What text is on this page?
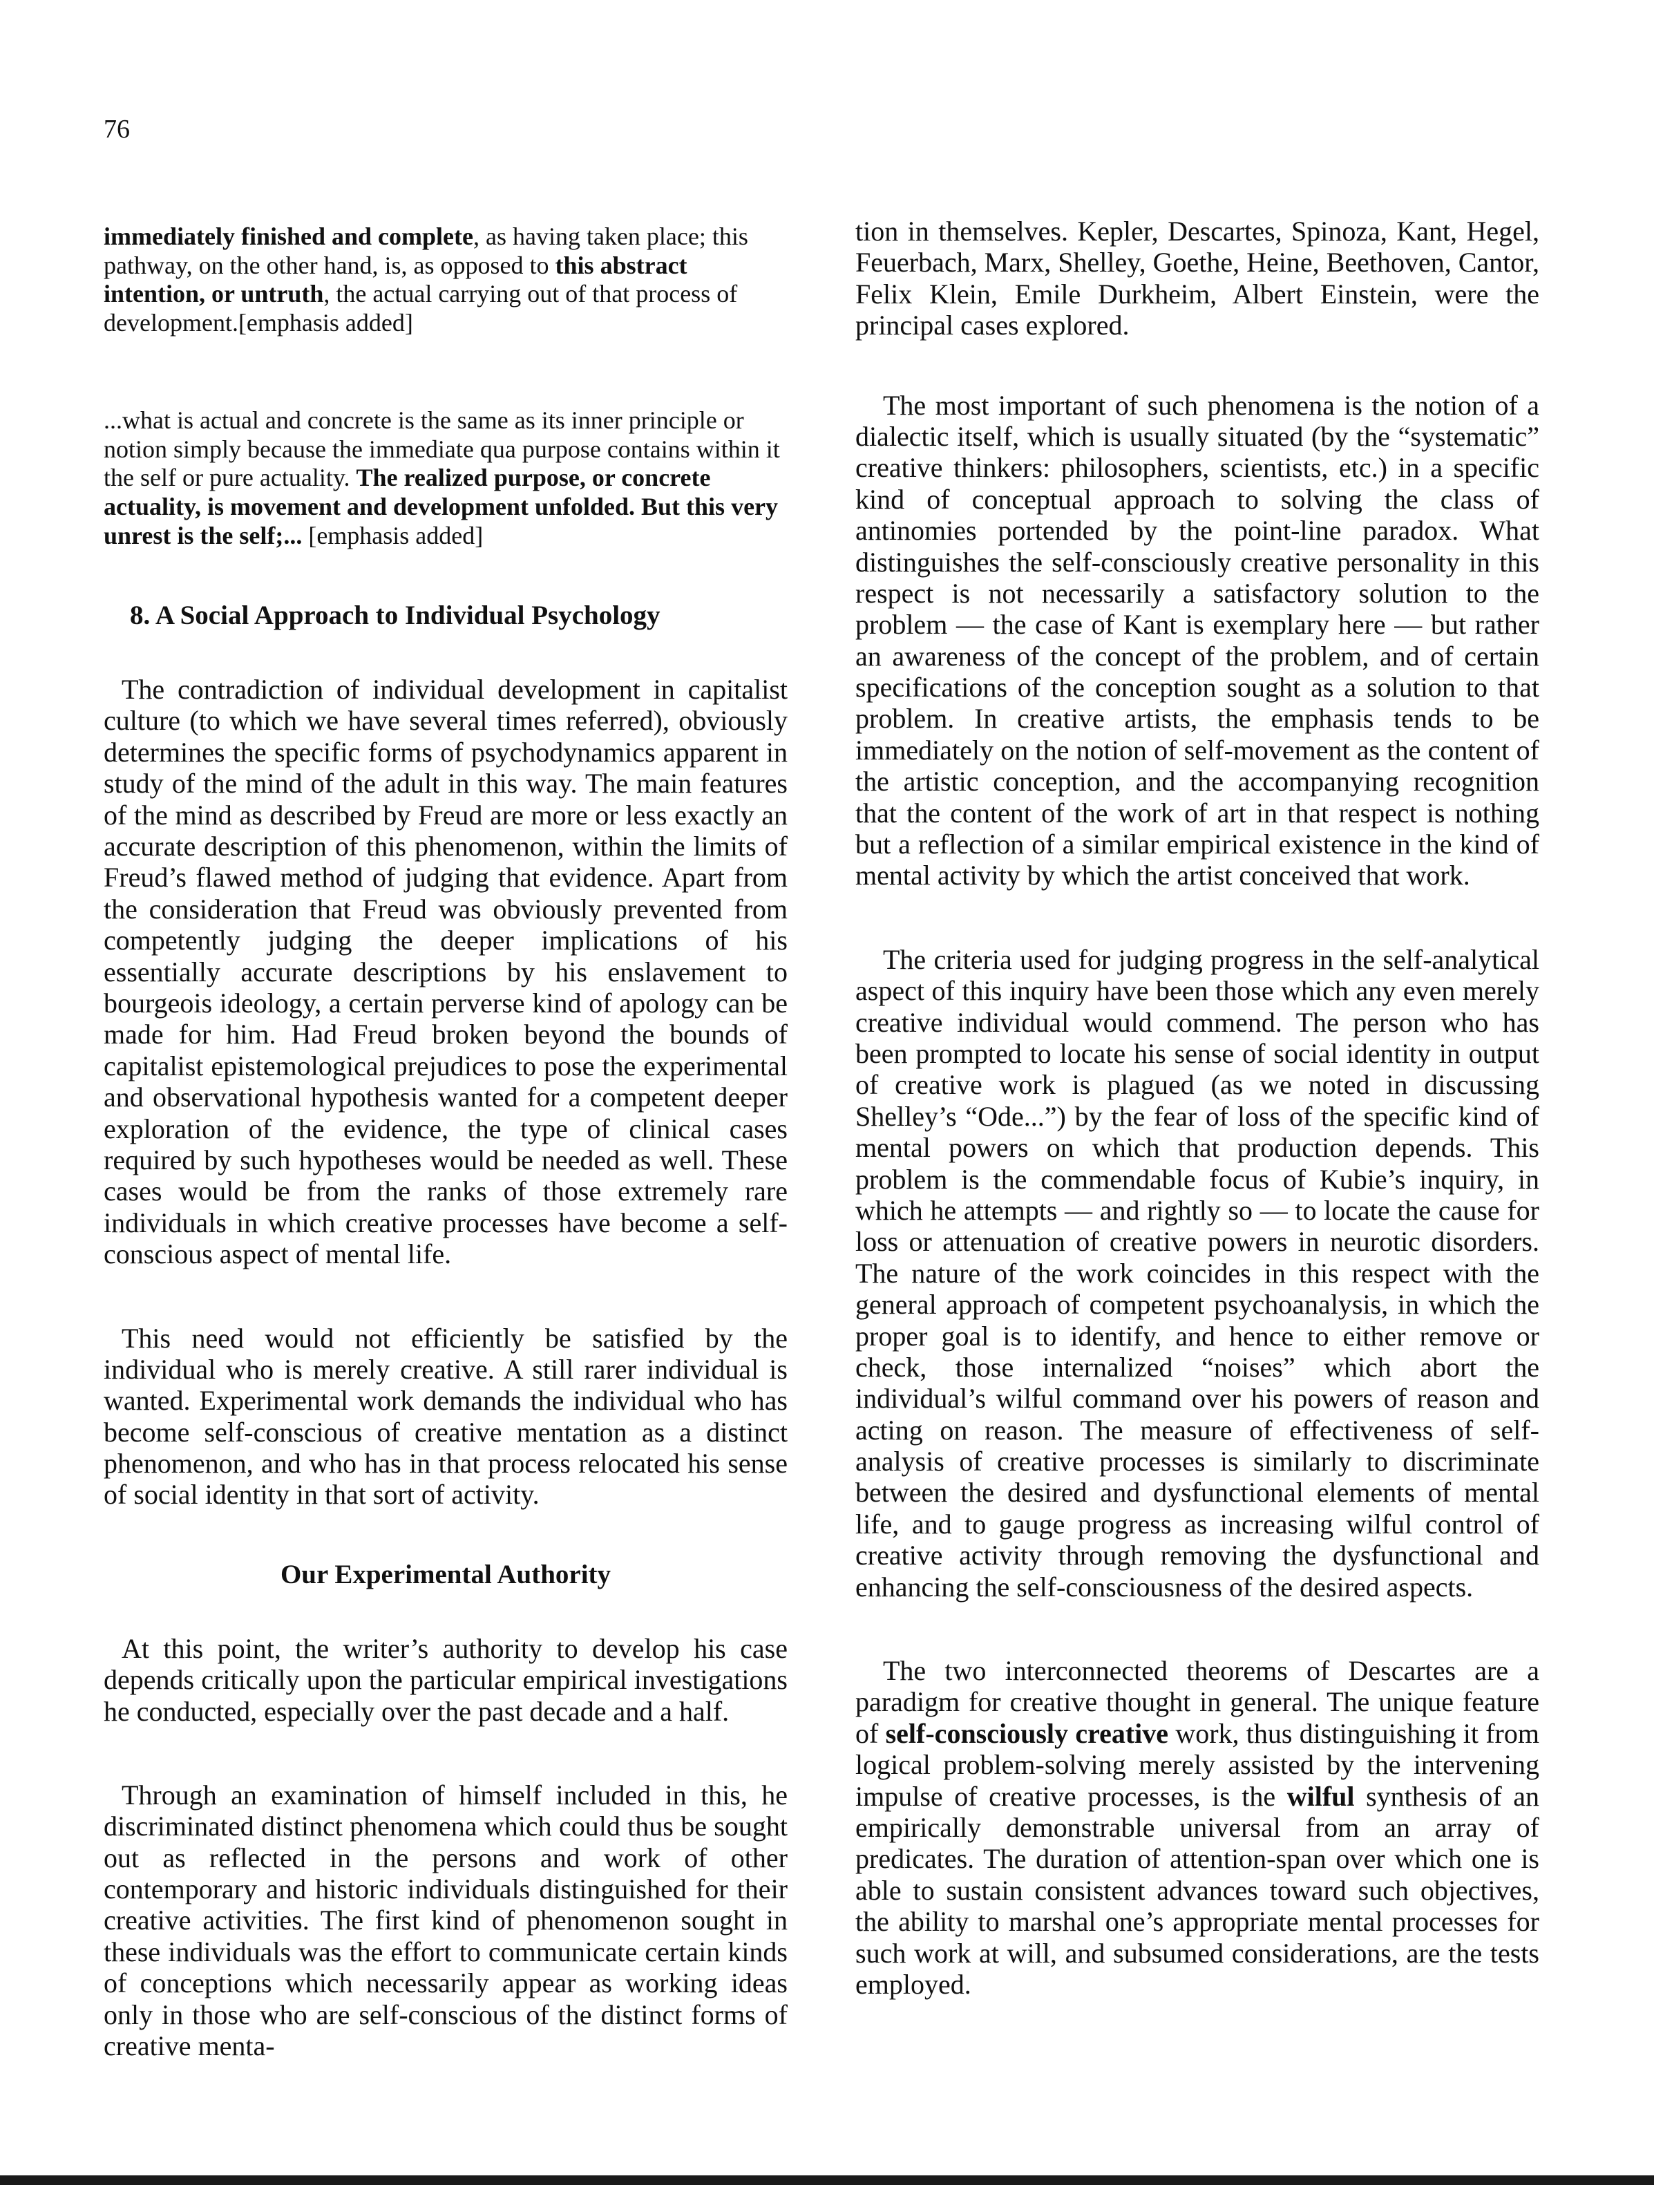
76

immediately finished and complete, as having taken place; this pathway, on the other hand, is, as opposed to this abstract intention, or untruth, the actual carrying out of that process of development.[emphasis added]

...what is actual and concrete is the same as its inner principle or notion simply because the immediate qua purpose contains within it the self or pure actuality. The realized purpose, or concrete actuality, is movement and development unfolded. But this very unrest is the self;... [emphasis added]

8. A Social Approach to Individual Psychology

The contradiction of individual development in capitalist culture (to which we have several times referred), obviously determines the specific forms of psychodynamics apparent in study of the mind of the adult in this way. The main features of the mind as described by Freud are more or less exactly an accurate description of this phenomenon, within the limits of Freud’s flawed method of judging that evidence. Apart from the consideration that Freud was obviously prevented from competently judging the deeper implications of his essentially accurate descriptions by his enslavement to bourgeois ideology, a certain perverse kind of apology can be made for him. Had Freud broken beyond the bounds of capitalist epistemological prejudices to pose the experimental and observational hypothesis wanted for a competent deeper exploration of the evidence, the type of clinical cases required by such hypotheses would be needed as well. These cases would be from the ranks of those extremely rare individuals in which creative processes have become a self-conscious aspect of mental life.

This need would not efficiently be satisfied by the individual who is merely creative. A still rarer individual is wanted. Experimental work demands the individual who has become self-conscious of creative mentation as a distinct phenomenon, and who has in that process relocated his sense of social identity in that sort of activity.

Our Experimental Authority

At this point, the writer’s authority to develop his case depends critically upon the particular empirical investigations he conducted, especially over the past decade and a half.

Through an examination of himself included in this, he discriminated distinct phenomena which could thus be sought out as reflected in the persons and work of other contemporary and historic individuals distinguished for their creative activities. The first kind of phenomenon sought in these individuals was the effort to communicate certain kinds of conceptions which necessarily appear as working ideas only in those who are self-conscious of the distinct forms of creative menta-

tion in themselves. Kepler, Descartes, Spinoza, Kant, Hegel, Feuerbach, Marx, Shelley, Goethe, Heine, Beethoven, Cantor, Felix Klein, Emile Durkheim, Albert Einstein, were the principal cases explored.

The most important of such phenomena is the notion of a dialectic itself, which is usually situated (by the “systematic” creative thinkers: philosophers, scientists, etc.) in a specific kind of conceptual approach to solving the class of antinomies portended by the point-line paradox. What distinguishes the self-consciously creative personality in this respect is not necessarily a satisfactory solution to the problem — the case of Kant is exemplary here — but rather an awareness of the concept of the problem, and of certain specifications of the conception sought as a solution to that problem. In creative artists, the emphasis tends to be immediately on the notion of self-movement as the content of the artistic conception, and the accompanying recognition that the content of the work of art in that respect is nothing but a reflection of a similar empirical existence in the kind of mental activity by which the artist conceived that work.

The criteria used for judging progress in the self-analytical aspect of this inquiry have been those which any even merely creative individual would commend. The person who has been prompted to locate his sense of social identity in output of creative work is plagued (as we noted in discussing Shelley’s “Ode...”) by the fear of loss of the specific kind of mental powers on which that production depends. This problem is the commendable focus of Kubie’s inquiry, in which he attempts — and rightly so — to locate the cause for loss or attenuation of creative powers in neurotic disorders. The nature of the work coincides in this respect with the general approach of competent psychoanalysis, in which the proper goal is to identify, and hence to either remove or check, those internalized “noises” which abort the individual’s wilful command over his powers of reason and acting on reason. The measure of effectiveness of self-analysis of creative processes is similarly to discriminate between the desired and dysfunctional elements of mental life, and to gauge progress as increasing wilful control of creative activity through removing the dysfunctional and enhancing the self-consciousness of the desired aspects.

The two interconnected theorems of Descartes are a paradigm for creative thought in general. The unique feature of self-consciously creative work, thus distinguishing it from logical problem-solving merely assisted by the intervening impulse of creative processes, is the wilful synthesis of an empirically demonstrable universal from an array of predicates. The duration of attention-span over which one is able to sustain consistent advances toward such objectives, the ability to marshal one’s appropriate mental processes for such work at will, and subsumed considerations, are the tests employed.
